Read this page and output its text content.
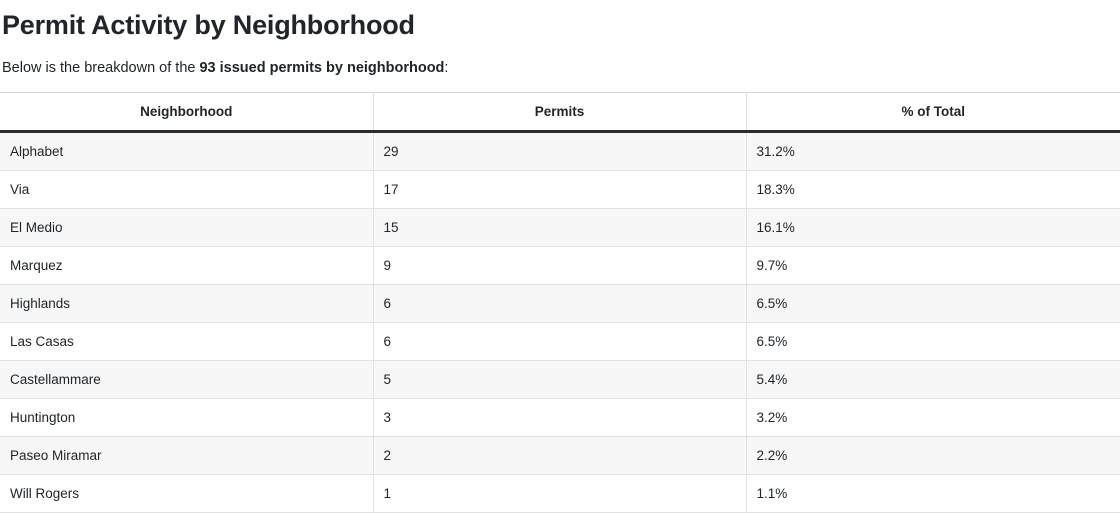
Permit Activity by Neighborhood

Below is the breakdown of the 93 issued permits by neighborhood:

Neighborhood	Permits	% of Total
Alphabet	29	31.2%
Via	17	18.3%
El Medio	15	16.1%
Marquez	9	9.7%
Highlands	6	6.5%
Las Casas	6	6.5%
Castellammare	5	5.4%
Huntington	3	3.2%
Paseo Miramar	2	2.2%
Will Rogers	1	1.1%
